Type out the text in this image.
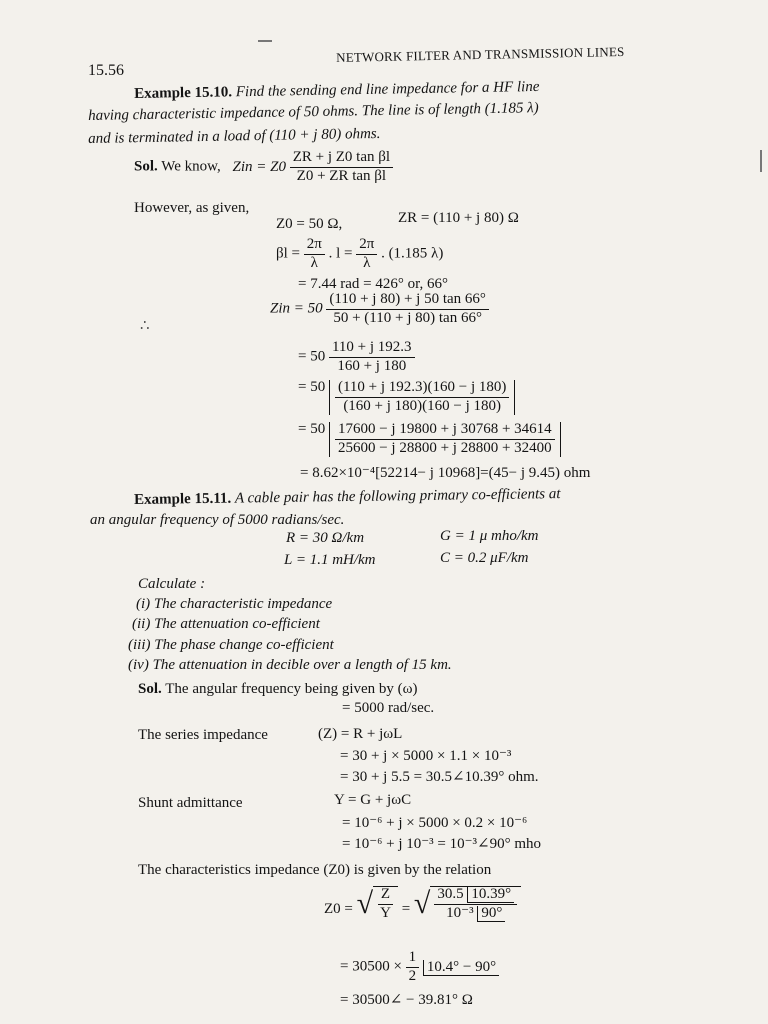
15.56
NETWORK FILTER AND TRANSMISSION LINES
Example 15.10. Find the sending end line impedance for a HF line
having characteristic impedance of 50 ohms. The line is of length (1.185 λ)
and is terminated in a load of (110 + j 80) ohms.
Sol. We know, Zin = $Z0 \frac{\text{ZR + j Z0 tan βl}}{\text{Z0 + ZR tan βl}}$
However, as given,
Z0 = 50 Ω,	ZR = (110 + j 80) Ω
$\beta l = \frac{2\pi}{\lambda}$ . $l = \frac{2\pi}{\lambda}$ . (1.185 λ)
= 7.44 rad = 426° or, 66°
∴
Zin = $50 \frac{(110 + j 80) + j 50 \tan 66^\circ}{50 + (110 + j 80) \tan 66^\circ}$
= $50 \frac{110 + j 192.3}{160 + j 180}$
= $50 \frac{(110 + j 192.3)(160 - j 180)}{(160 + j 180)(160 - j 180)}$
= $50 \frac{17600 - j 19800 + j 30768 + 34614}{25600 - j 28800 + j 28800 + 32400}$
= 8.62×10⁻⁴[52214− j 10968]=(45− j 9.45) ohm
Example 15.11. A cable pair has the following primary co-efficients at
an angular frequency of 5000 radians/sec.
R = 30 Ω/km	G = 1 μ mho/km
L = 1.1 mH/km	C = 0.2 μF/km
Calculate :
(i) The characteristic impedance
(ii) The attenuation co-efficient
(iii) The phase change co-efficient
(iv) The attenuation in decible over a length of 15 km.
Sol. The angular frequency being given by (ω)
= 5000 rad/sec.
The series impedance	(Z) = R + jωL
= 30 + j × 5000 × 1.1 × 10⁻³
= 30 + j 5.5 = 30.5∠10.39° ohm.
Shunt admittance	Y = G + jωC
= 10⁻⁶ + j × 5000 × 0.2 × 10⁻⁶
= 10⁻⁶ + j 10⁻³ = 10⁻³∠90° mho
The characteristics impedance (Z0) is given by the relation
Z0 = √ $\frac{Z}{Y}$ = √ $\frac{30.5 10.39^\circ}{\text{10⁻³ 90°}}$
= $30500 \times \frac{1}{2} 10.4^\circ - 90^\circ$
= 30500∠ − 39.81° Ω
